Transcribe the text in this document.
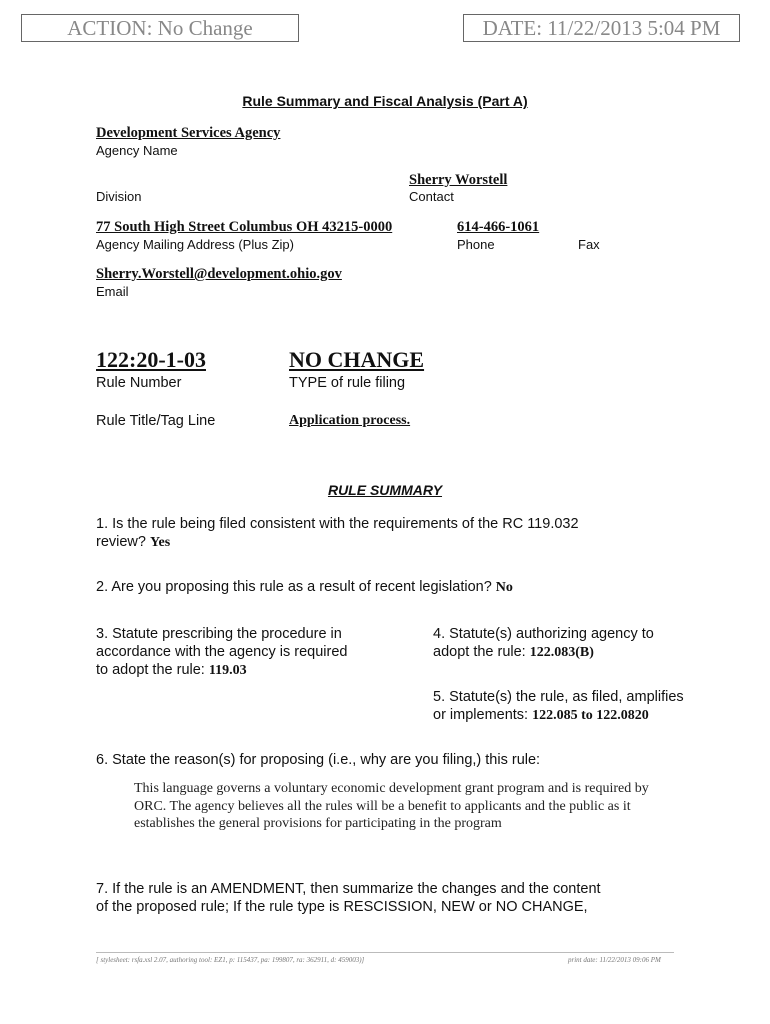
ACTION: No Change	DATE: 11/22/2013 5:04 PM
Rule Summary and Fiscal Analysis (Part A)
Development Services Agency
Agency Name
Sherry Worstell
Division	Contact
77 South High Street Columbus OH 43215-0000	614-466-1061
Agency Mailing Address (Plus Zip)	Phone	Fax
Sherry.Worstell@development.ohio.gov
Email
122:20-1-03	NO CHANGE
Rule Number	TYPE of rule filing
Rule Title/Tag Line	Application process.
RULE SUMMARY
1. Is the rule being filed consistent with the requirements of the RC 119.032
review? Yes
2. Are you proposing this rule as a result of recent legislation? No
3. Statute prescribing the procedure in
accordance with the agency is required
to adopt the rule: 119.03
4. Statute(s) authorizing agency to
adopt the rule: 122.083(B)
5. Statute(s) the rule, as filed, amplifies
or implements: 122.085 to 122.0820
6. State the reason(s) for proposing (i.e., why are you filing,) this rule:
This language governs a voluntary economic development grant program and is required by ORC. The agency believes all the rules will be a benefit to applicants and the public as it establishes the general provisions for participating in the program
7. If the rule is an AMENDMENT, then summarize the changes and the content
of the proposed rule; If the rule type is RESCISSION, NEW or NO CHANGE,
[ stylesheet: rsfa.xsl 2.07, authoring tool: EZ1, p: 115437, pa: 199807, ra: 362911, d: 459003)]	print date: 11/22/2013 09:06 PM
